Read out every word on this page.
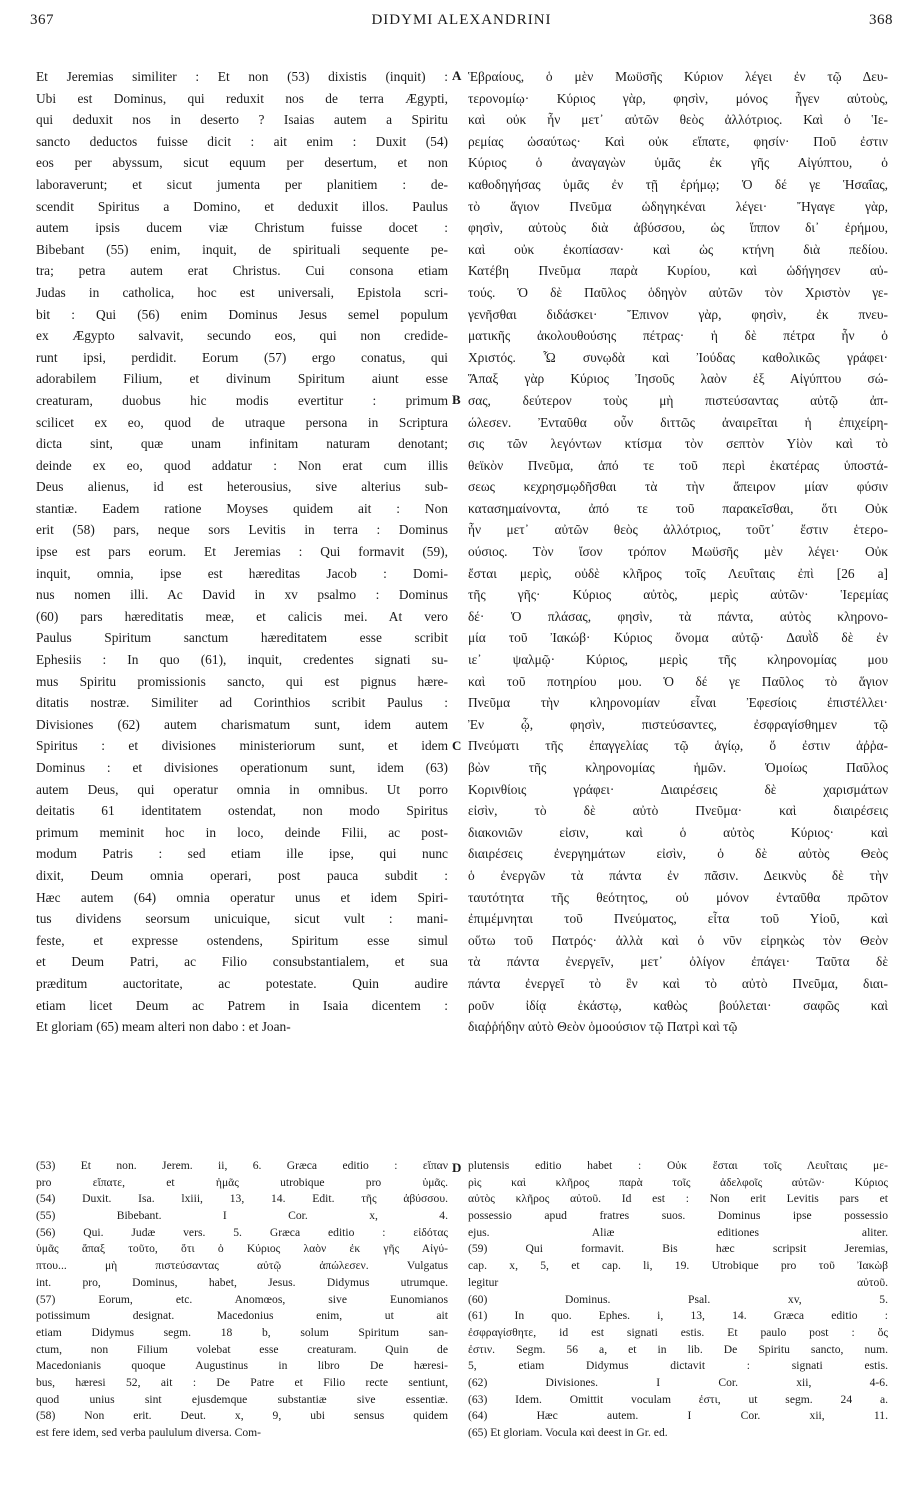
367	DIDYMI ALEXANDRINI	368
Et Jeremias similiter : Et non (53) dixistis (inquit) :
Ubi est Dominus, qui reduxit nos de terra Ægypti,
qui deduxit nos in deserto ? Isaias autem a Spiritu
sancto deductos fuisse dicit : ait enim : Duxit (54)
eos per abyssum, sicut equum per desertum, et non
laboraverunt; et sicut jumenta per planitiem : de-
scendit Spiritus a Domino, et deduxit illos. Paulus
autem ipsis ducem viæ Christum fuisse docet :
Bibebant (55) enim, inquit, de spirituali sequente pe-
tra; petra autem erat Christus. Cui consona etiam
Judas in catholica, hoc est universali, Epistola scri-
bit : Qui (56) enim Dominus Jesus semel populum
ex Ægypto salvavit, secundo eos, qui non credide-
runt ipsi, perdidit. Eorum (57) ergo conatus, qui
adorabilem Filium, et divinum Spiritum aiunt esse
creaturam, duobus hic modis evertitur : primum
scilicet ex eo, quod de utraque persona in Scriptura
dicta sint, quæ unam infinitam naturam denotant;
deinde ex eo, quod addatur : Non erat cum illis
Deus alienus, id est heterousius, sive alterius sub-
stantiæ. Eadem ratione Moyses quidem ait : Non
erit (58) pars, neque sors Levitis in terra : Dominus
ipse est pars eorum. Et Jeremias : Qui formavit (59),
inquit, omnia, ipse est hæreditas Jacob : Domi-
nus nomen illi. Ac David in xv psalmo : Dominus
(60) pars hæreditatis meæ, et calicis mei. At vero
Paulus Spiritum sanctum hæreditatem esse scribit
Ephesiis : In quo (61), inquit, credentes signati su-
mus Spiritu promissionis sancto, qui est pignus hære-
ditatis nostræ. Similiter ad Corinthios scribit Paulus :
Divisiones (62) autem charismatum sunt, idem autem
Spiritus : et divisiones ministeriorum sunt, et idem
Dominus : et divisiones operationum sunt, idem (63)
autem Deus, qui operatur omnia in omnibus. Ut porro
deitatis 61 identitatem ostendat, non modo Spiritus
primum meminit hoc in loco, deinde Filii, ac post-
modum Patris : sed etiam ille ipse, qui nunc
dixit, Deum omnia operari, post pauca subdit :
Hæc autem (64) omnia operatur unus et idem Spiri-
tus dividens seorsum unicuique, sicut vult : mani-
feste, et expresse ostendens, Spiritum esse simul
et Deum Patri, ac Filio consubstantialem, et sua
præditum auctoritate, ac potestate. Quin audire
etiam licet Deum ac Patrem in Isaia dicentem :
Et gloriam (65) meam alteri non dabo : et Joan-
Ἑβραίους, ὁ μὲν Μωϋσῆς Κύριον λέγει ἐν τῷ Δευ-
τερονομίῳ· Κύριος γὰρ, φησὶν, μόνος ἦγεν αὐτοὺς,
καὶ οὐκ ἦν μετ᾽ αὐτῶν θεὸς ἀλλότριος. Καὶ ὁ Ἱε-
ρεμίας ὡσαύτως· Καὶ οὐκ εἴπατε, φησίν· Ποῦ ἐστιν
Κύριος ὁ ἀναγαγὼν ὑμᾶς ἐκ γῆς Αἰγύπτου, ὁ
καθοδηγήσας ὑμᾶς ἐν τῇ ἐρήμῳ; Ὁ δέ γε Ἡσαΐας,
τὸ ἅγιον Πνεῦμα ὡδηγηκέναι λέγει· Ἤγαγε γὰρ,
φησὶν, αὐτοὺς διὰ ἀβύσσου, ὡς ἵππον δι᾽ ἐρήμου,
καὶ οὐκ ἐκοπίασαν· καὶ ὡς κτήνη διὰ πεδίου.
Κατέβη Πνεῦμα παρὰ Κυρίου, καὶ ὡδήγησεν αὐ-
τούς. Ὁ δὲ Παῦλος ὁδηγὸν αὐτῶν τὸν Χριστὸν γε-
γενῆσθαι διδάσκει· Ἔπινον γὰρ, φησὶν, ἐκ πνευ-
ματικῆς ἀκολουθούσης πέτρας· ἡ δὲ πέτρα ἦν ὁ
Χριστός. Ὧ συνῳδὰ καὶ Ἰούδας καθολικῶς γράφει·
Ἅπαξ γὰρ Κύριος Ἰησοῦς λαὸν ἐξ Αἰγύπτου σώ-
σας, δεύτερον τοὺς μὴ πιστεύσαντας αὐτῷ ἀπ-
ώλεσεν. Ἐνταῦθα οὖν διττῶς ἀναιρεῖται ἡ ἐπιχείρη-
σις τῶν λεγόντων κτίσμα τὸν σεπτὸν Υἱὸν καὶ τὸ
θεϊκὸν Πνεῦμα, ἀπό τε τοῦ περὶ ἑκατέρας ὑποστά-
σεως κεχρησμῳδῆσθαι τὰ τὴν ἄπειρον μίαν φύσιν
κατασημαίνοντα, ἀπό τε τοῦ παρακεῖσθαι, ὅτι Οὐκ
ἦν μετ᾽ αὐτῶν θεὸς ἀλλότριος, τοῦτ᾽ ἔστιν ἑτερο-
ούσιος. Τὸν ἴσον τρόπον Μωϋσῆς μὲν λέγει· Οὐκ
ἔσται μερὶς, οὐδὲ κλῆρος τοῖς Λευΐταις ἐπὶ [26 a]
τῆς γῆς· Κύριος αὐτὸς, μερὶς αὐτῶν· Ἱερεμίας
δέ· Ὁ πλάσας, φησὶν, τὰ πάντα, αὐτὸς κληρονο-
μία τοῦ Ἰακώβ· Κύριος ὄνομα αὐτῷ· Δαυῒδ δὲ ἐν
ιε᾽ ψαλμῷ· Κύριος, μερὶς τῆς κληρονομίας μου
καὶ τοῦ ποτηρίου μου. Ὁ δέ γε Παῦλος τὸ ἅγιον
Πνεῦμα τὴν κληρονομίαν εἶναι Ἐφεσίοις ἐπιστέλλει·
Ἐν ᾧ, φησὶν, πιστεύσαντες, ἐσφραγίσθημεν τῷ
Πνεύματι τῆς ἐπαγγελίας τῷ ἁγίῳ, ὅ ἐστιν ἀῤῥα-
βὼν τῆς κληρονομίας ἡμῶν. Ὁμοίως Παῦλος
Κορινθίοις γράφει· Διαιρέσεις δὲ χαρισμάτων
εἰσὶν, τὸ δὲ αὐτὸ Πνεῦμα· καὶ διαιρέσεις
διακονιῶν εἰσιν, καὶ ὁ αὐτὸς Κύριος· καὶ
διαιρέσεις ἐνεργημάτων εἰσὶν, ὁ δὲ αὐτὸς Θεὸς
ὁ ἐνεργῶν τὰ πάντα ἐν πᾶσιν. Δεικνὺς δὲ τὴν
ταυτότητα τῆς θεότητος, οὐ μόνον ἐνταῦθα πρῶτον
ἐπιμέμνηται τοῦ Πνεύματος, εἶτα τοῦ Υἱοῦ, καὶ
οὕτω τοῦ Πατρός· ἀλλὰ καὶ ὁ νῦν εἰρηκὼς τὸν Θεὸν
τὰ πάντα ἐνεργεῖν, μετ᾽ ὀλίγον ἐπάγει· Ταῦτα δὲ
πάντα ἐνεργεῖ τὸ ἓν καὶ τὸ αὐτὸ Πνεῦμα, διαι-
ροῦν ἰδίᾳ ἑκάστῳ, καθὼς βούλεται· σαφῶς καὶ
διαῤῥήδην αὐτὸ Θεὸν ὁμοούσιον τῷ Πατρὶ καὶ τῷ
A
B
C
D
(53) Et non. Jerem. ii, 6. Græca editio : εἴπαν
pro εἴπατε, et ἡμᾶς utrobique pro ὑμᾶς.
(54) Duxit. Isa. lxiii, 13, 14. Edit. τῆς ἀβύσσου.
(55) Bibebant. I Cor. x, 4.
(56) Qui. Judæ vers. 5. Græca editio : εἰδότας
ὑμᾶς ἅπαξ τοῦτο, ὅτι ὁ Κύριος λαὸν ἐκ γῆς Αἰγύ-
πτου... μὴ πιστεύσαντας αὐτῷ ἀπώλεσεν. Vulgatus
int. pro, Dominus, habet, Jesus. Didymus utrumque.
(57) Eorum, etc. Anomœos, sive Eunomianos
potissimum designat. Macedonius enim, ut ait
etiam Didymus segm. 18 b, solum Spiritum san-
ctum, non Filium volebat esse creaturam. Quin de
Macedonianis quoque Augustinus in libro De hæresi-
bus, hæresi 52, ait : De Patre et Filio recte sentiunt,
quod unius sint ejusdemque substantiæ sive essentiæ.
(58) Non erit. Deut. x, 9, ubi sensus quidem
est fere idem, sed verba paululum diversa. Com-
plutensis editio habet : Οὐκ ἔσται τοῖς Λευΐταις με-
ρὶς καὶ κλῆρος παρὰ τοῖς ἀδελφοῖς αὐτῶν· Κύριος
αὐτὸς κλῆρος αὐτοῦ. Id est : Non erit Levitis pars et
possessio apud fratres suos. Dominus ipse possessio
ejus. Aliæ editiones aliter.
(59) Qui formavit. Bis hæc scripsit Jeremias,
cap. x, 5, et cap. li, 19. Utrobique pro τοῦ Ἰακὼβ
legitur αὐτοῦ.
(60) Dominus. Psal. xv, 5.
(61) In quo. Ephes. i, 13, 14. Græca editio :
ἐσφραγίσθητε, id est signati estis. Et paulo post : ὅς
ἐστιν. Segm. 56 a, et in lib. De Spiritu sancto, num.
5, etiam Didymus dictavit : signati estis.
(62) Divisiones. I Cor. xii, 4-6.
(63) Idem. Omittit voculam ἐστι, ut segm. 24 a.
(64) Hæc autem. I Cor. xii, 11.
(65) Et gloriam. Vocula καὶ deest in Gr. ed.
